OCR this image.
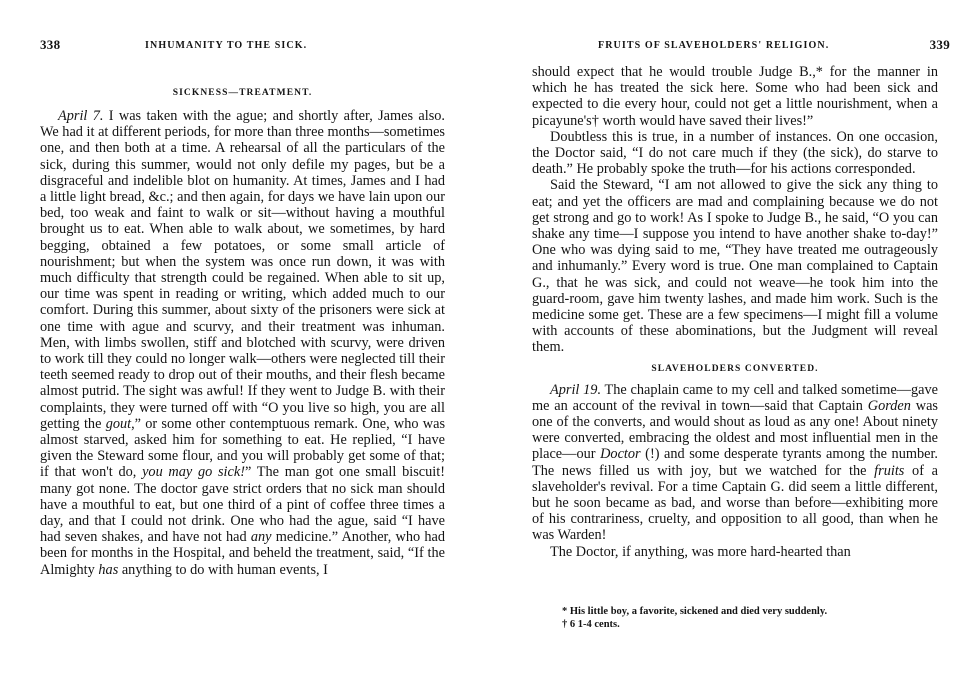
338	INHUMANITY TO THE SICK.
SICKNESS—TREATMENT.

April 7. I was taken with the ague; and shortly after, James also. We had it at different periods, for more than three months—sometimes one, and then both at a time. A rehearsal of all the particulars of the sick, during this summer, would not only defile my pages, but be a disgraceful and indelible blot on humanity. At times, James and I had a little light bread, &c.; and then again, for days we have lain upon our bed, too weak and faint to walk or sit—without having a mouthful brought us to eat. When able to walk about, we sometimes, by hard begging, obtained a few potatoes, or some small article of nourishment; but when the system was once run down, it was with much difficulty that strength could be regained. When able to sit up, our time was spent in reading or writing, which added much to our comfort. During this summer, about sixty of the prisoners were sick at one time with ague and scurvy, and their treatment was inhuman. Men, with limbs swollen, stiff and blotched with scurvy, were driven to work till they could no longer walk—others were neglected till their teeth seemed ready to drop out of their mouths, and their flesh became almost putrid. The sight was awful! If they went to Judge B. with their complaints, they were turned off with “O you live so high, you are all getting the gout,” or some other contemptuous remark. One, who was almost starved, asked him for something to eat. He replied, “I have given the Steward some flour, and you will probably get some of that; if that won't do, you may go sick!” The man got one small biscuit! many got none. The doctor gave strict orders that no sick man should have a mouthful to eat, but one third of a pint of coffee three times a day, and that I could not drink. One who had the ague, said “I have had seven shakes, and have not had any medicine.” Another, who had been for months in the Hospital, and beheld the treatment, said, “If the Almighty has anything to do with human events, I

FRUITS OF SLAVEHOLDERS' RELIGION.	339

should expect that he would trouble Judge B.,* for the manner in which he has treated the sick here. Some who had been sick and expected to die every hour, could not get a little nourishment, when a picayune's† worth would have saved their lives!”

Doubtless this is true, in a number of instances. On one occasion, the Doctor said, “I do not care much if they (the sick), do starve to death.” He probably spoke the truth—for his actions corresponded.

Said the Steward, “I am not allowed to give the sick any thing to eat; and yet the officers are mad and complaining because we do not get strong and go to work! As I spoke to Judge B., he said, “O you can shake any time—I suppose you intend to have another shake to-day!” One who was dying said to me, “They have treated me outrageously and inhumanly.” Every word is true. One man complained to Captain G., that he was sick, and could not weave—he took him into the guard-room, gave him twenty lashes, and made him work. Such is the medicine some get. These are a few specimens—I might fill a volume with accounts of these abominations, but the Judgment will reveal them.

SLAVEHOLDERS CONVERTED.

April 19. The chaplain came to my cell and talked sometime—gave me an account of the revival in town—said that Captain Gorden was one of the converts, and would shout as loud as any one! About ninety were converted, embracing the oldest and most influential men in the place—our Doctor (!) and some desperate tyrants among the number. The news filled us with joy, but we watched for the fruits of a slaveholder's revival. For a time Captain G. did seem a little different, but he soon became as bad, and worse than before—exhibiting more of his contrariness, cruelty, and opposition to all good, than when he was Warden!

The Doctor, if anything, was more hard-hearted than

* His little boy, a favorite, sickened and died very suddenly.

† 6 1-4 cents.
